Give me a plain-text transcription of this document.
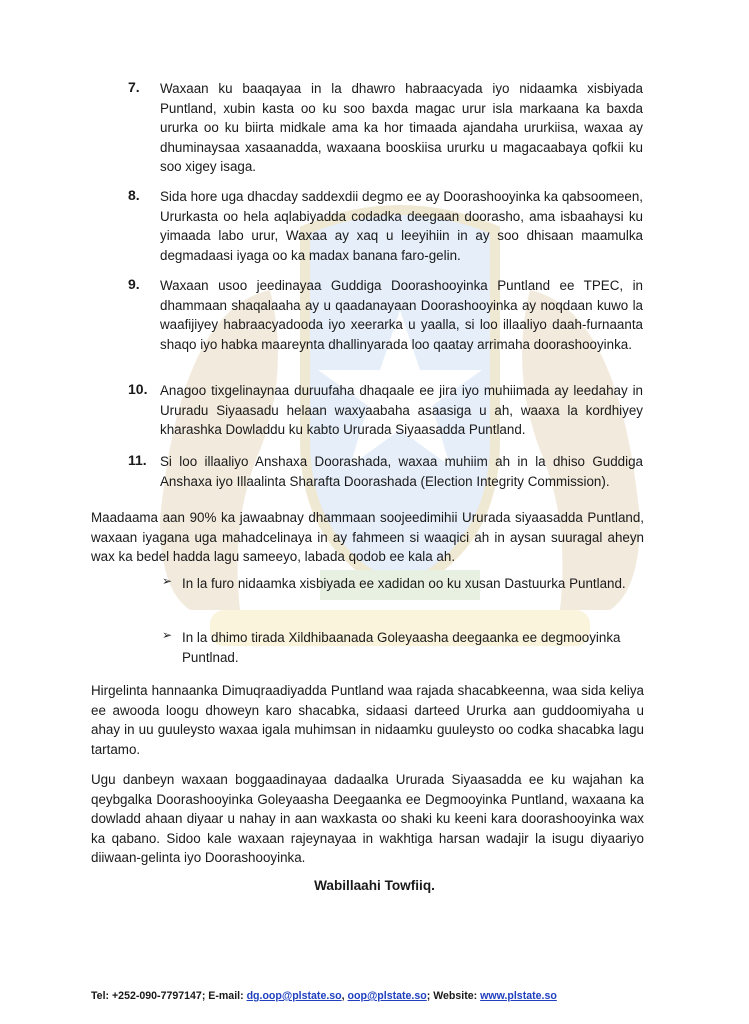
7. Waxaan ku baaqayaa in la dhawro habraacyada iyo nidaamka xisbiyada Puntland, xubin kasta oo ku soo baxda magac urur isla markaana ka baxda ururka oo ku biirta midkale ama ka hor timaada ajandaha ururkiisa, waxaa ay dhuminaysaa xasaanadda, waxaana booskiisa ururku u magacaabaya qofkii ku soo xigey isaga.
8. Sida hore uga dhacday saddexdii degmo ee ay Doorashooyinka ka qabsoomeen, Ururkasta oo hela aqlabiyadda codadka deegaan doorasho, ama isbaahaysi ku yimaada labo urur, Waxaa ay xaq u leeyihiin in ay soo dhisaan maamulka degmadaasi iyaga oo ka madax banana faro-gelin.
9. Waxaan usoo jeedinayaa Guddiga Doorashooyinka Puntland ee TPEC, in dhammaan shaqalaaha ay u qaadanayaan Doorashooyinka ay noqdaan kuwo la waafijiyey habraacyadooda iyo xeerarka u yaalla, si loo illaaliyo daah-furnaanta shaqo iyo habka maareynta dhallinyarada loo qaatay arrimaha doorashooyinka.
10. Anagoo tixgelinaynaa duruufaha dhaqaale ee jira iyo muhiimada ay leedahay in Ururadu Siyaasadu helaan waxyaabaha asaasiga u ah, waaxa la kordhiyey kharashka Dowladdu ku kabto Ururada Siyaasadda Puntland.
11. Si loo illaaliyo Anshaxa Doorashada, waxaa muhiim ah in la dhiso Guddiga Anshaxa iyo Illaalinta Sharafta Doorashada (Election Integrity Commission).
Maadaama aan 90% ka jawaabnay dhammaan soojeedimihii Ururada siyaasadda Puntland, waxaan iyagana uga mahadcelinaya in ay fahmeen si waaqici ah in aysan suuragal aheyn wax ka bedel hadda lagu sameeyo, labada qodob ee kala ah.
➢ In la furo nidaamka xisbiyada ee xadidan oo ku xusan Dastuurka Puntland.
➢ In la dhimo tirada Xildhibaanada Goleyaasha deegaanka ee degmooyinka Puntlnad.
Hirgelinta hannaanka Dimuqraadiyadda Puntland waa rajada shacabkeenna, waa sida keliya ee awooda loogu dhoweyn karo shacabka, sidaasi darteed Ururka aan guddoomiyaha u ahay in uu guuleysto waxaa igala muhimsan in nidaamku guuleysto oo codka shacabka lagu tartamo.
Ugu danbeyn waxaan boggaadinayaa dadaalka Ururada Siyaasadda ee ku wajahan ka qeybgalka Doorashooyinka Goleyaasha Deegaanka ee Degmooyinka Puntland, waxaana ka dowladd ahaan diyaar u nahay in aan waxkasta oo shaki ku keeni kara doorashooyinka wax ka qabano. Sidoo kale waxaan rajeynayaa in wakhtiga harsan wadajir la isugu diyaariyo diiwaan-gelinta iyo Doorashooyinka.
Wabillaahi Towfiiq.
Tel: +252-090-7797147; E-mail: dg.oop@plstate.so, oop@plstate.so; Website: www.plstate.so
